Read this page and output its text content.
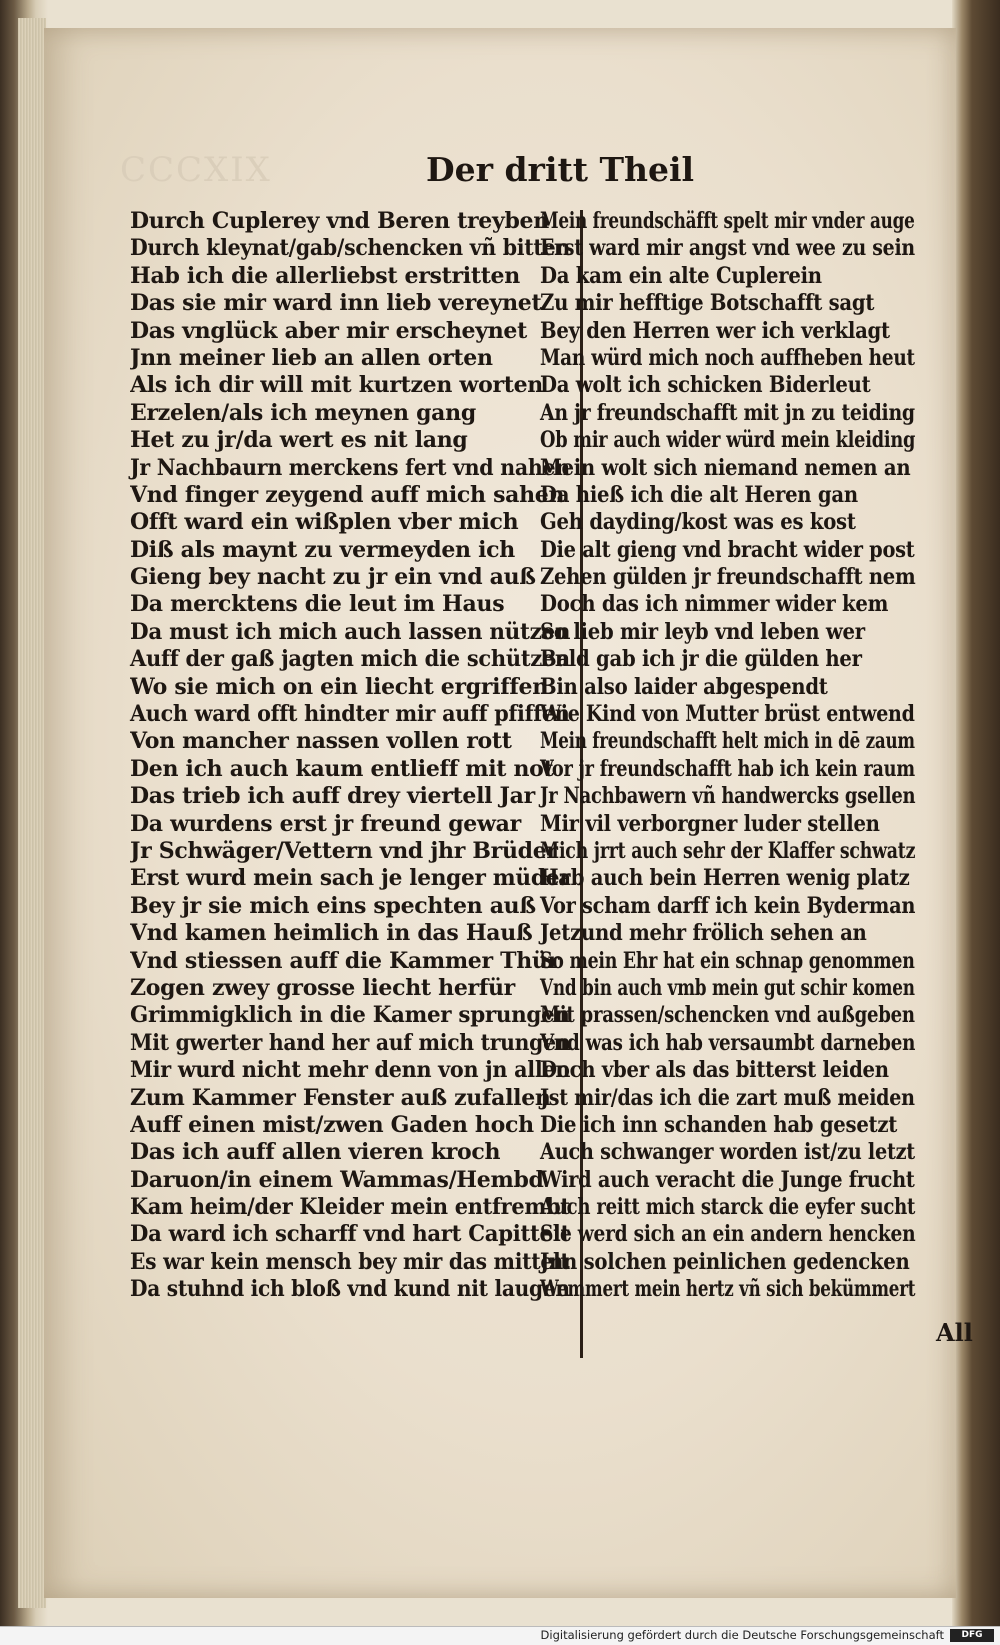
CCCXIX	Der dritt Theil
Durch Cuplerey vnd Beren treyben
Durch kleynat/gab/schencken vñ bitten
Hab ich die allerliebst erstritten
Das sie mir ward inn lieb vereynet
Das vnglück aber mir erscheynet
Jnn meiner lieb an allen orten
Als ich dir will mit kurtzen worten
Erzelen/als ich meynen gang
Het zu jr/da wert es nit lang
Jr Nachbaurn merckens fert vnd nahen
Vnd finger zeygend auff mich sahen
Offt ward ein wißplen vber mich
Diß als maynt zu vermeyden ich
Gieng bey nacht zu jr ein vnd auß
Da mercktens die leut im Haus
Da must ich mich auch lassen nützen
Auff der gaß jagten mich die schützen
Wo sie mich on ein liecht ergriffen
Auch ward offt hindter mir auff pfiffen
Von mancher nassen vollen rott
Den ich auch kaum entlieff mit not
Das trieb ich auff drey viertell Jar
Da wurdens erst jr freund gewar
Jr Schwäger/Vettern vnd jhr Brüder
Erst wurd mein sach je lenger müder
Bey jr sie mich eins spechten auß
Vnd kamen heimlich in das Hauß
Vnd stiessen auff die Kammer Thür
Zogen zwey grosse liecht herfür
Grimmigklich in die Kamer sprungen
Mit gwerter hand her auf mich trungen
Mir wurd nicht mehr denn von jn allen
Zum Kammer Fenster auß zufallen
Auff einen mist/zwen Gaden hoch
Das ich auff allen vieren kroch
Daruon/in einem Wammas/Hembd
Kam heim/der Kleider mein entfrembt
Da ward ich scharff vnd hart Capittelt
Es war kein mensch bey mir das mittelt
Da stuhnd ich bloß vnd kund nit laugen
Mein freundschäfft spelt mir vnder auge
Erst ward mir angst vnd wee zu sein
Da kam ein alte Cuplerein
Zu mir hefftige Botschafft sagt
Bey den Herren wer ich verklagt
Man würd mich noch auffheben heut
Da wolt ich schicken Biderleut
An jr freundschafft mit jn zu teiding
Ob mir auch wider würd mein kleiding
Mein wolt sich niemand nemen an
Da hieß ich die alt Heren gan
Geh dayding/kost was es kost
Die alt gieng vnd bracht wider post
Zehen gülden jr freundschafft nem
Doch das ich nimmer wider kem
So lieb mir leyb vnd leben wer
Bald gab ich jr die gülden her
Bin also laider abgespendt
Wie Kind von Mutter brüst entwend
Mein freundschafft helt mich in dē zaum
Vor jr freundschafft hab ich kein raum
Jr Nachbawern vñ handwercks gsellen
Mir vil verborgner luder stellen
Mich jrrt auch sehr der Klaffer schwatz
Hab auch bein Herren wenig platz
Vor scham darff ich kein Byderman
Jetzund mehr frölich sehen an
So mein Ehr hat ein schnap genommen
Vnd bin auch vmb mein gut schir komen
Mit prassen/schencken vnd außgeben
Vnd was ich hab versaumbt darneben
Doch vber als das bitterst leiden
Jst mir/das ich die zart muß meiden
Die ich inn schanden hab gesetzt
Auch schwanger worden ist/zu letzt
Wird auch veracht die Junge frucht
Auch reitt mich starck die eyfer sucht
Sie werd sich an ein andern hencken
Jnn solchen peinlichen gedencken
Wemmert mein hertz vñ sich bekümmert
All
Digitalisierung gefördert durch die Deutsche Forschungsgemeinschaft	DFG
